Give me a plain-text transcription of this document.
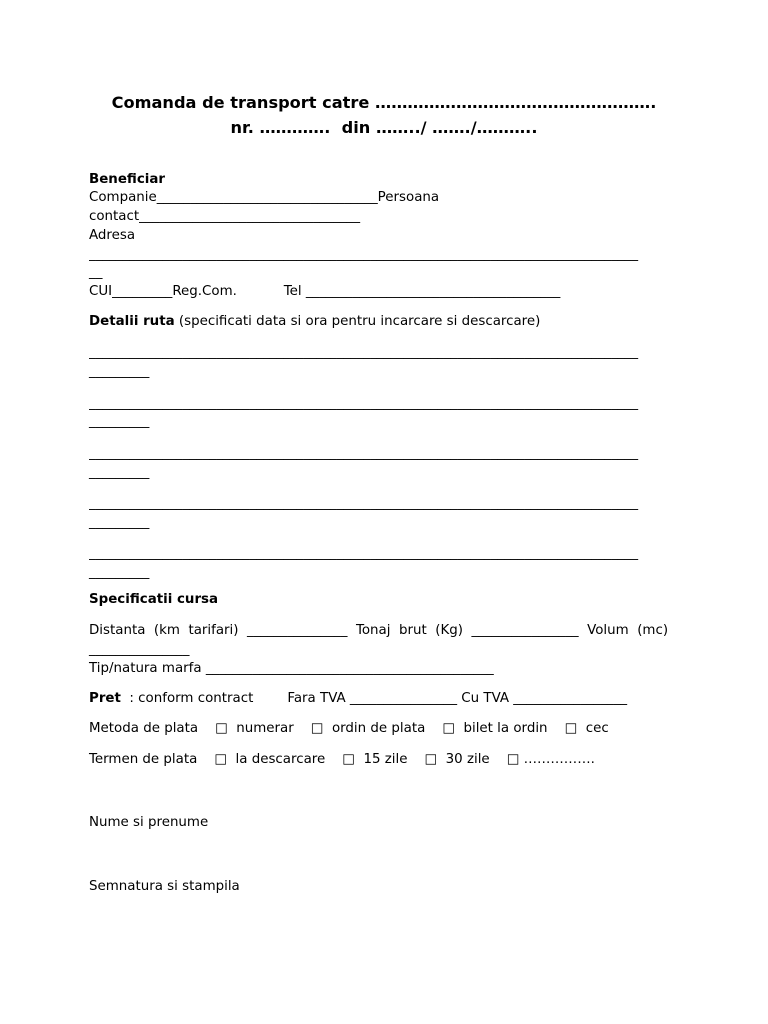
Comanda de transport catre …………………………………………….
nr. ………….  din ……../ ……./………..
Beneficiar
Companie_________________________________Persoana
contact_________________________________
Adresa
__________________________________________________________________________________
__
CUI_________Reg.Com.           Tel ______________________________________
Detalii ruta (specificati data si ora pentru incarcare si descarcare)
__________________________________________________________________________________
_________
__________________________________________________________________________________
_________
__________________________________________________________________________________
_________
__________________________________________________________________________________
_________
__________________________________________________________________________________
_________
Specificatii cursa
Distanta  (km  tarifari)  _______________  Tonaj  brut  (Kg)  ________________  Volum  (mc)
_______________
Tip/natura marfa ___________________________________________
Pret  : conform contract        Fara TVA ________________ Cu TVA _________________
Metoda de plata □ numerar □ ordin de plata □ bilet la ordin □ cec
Termen de plata □ la descarcare □ 15 zile □ 30 zile □ …………….
Nume si prenume
Semnatura si stampila
